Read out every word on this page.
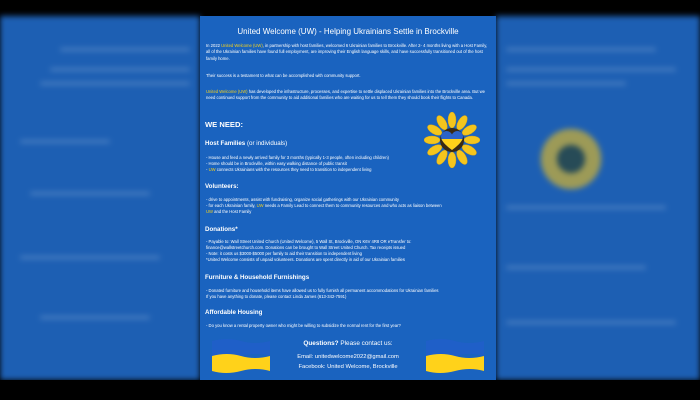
United Welcome (UW) - Helping Ukrainians Settle in Brockville
In 2022 United Welcome (UW), in partnership with host families, welcomed 6 Ukrainian families to Brockville. After 2- 4 months living with a Host Family, all of the Ukrainian families have found full employment, are improving their English language skills, and have successfully transitioned out of the host family home.
Their success is a testament to what can be accomplished with community support.
United Welcome (UW) has developed the infrastructure, processes, and expertise to settle displaced Ukrainian families into the Brockville area. But we need continued support from the community to aid additional families who are waiting for us to tell them they should book their flights to Canada.
WE NEED:
Host Families (or individuals)
- House and feed a newly arrived family for 3 months (typically 1-3 people, often including children)
- Home should be in Brockville, within easy walking distance of public transit
- UW connects Ukrainians with the resources they need to transition to independent living
Volunteers:
- drive to appointments, assist with fundraising, organize social gatherings with our Ukrainian community
- for each Ukrainian family, UW needs a Family Lead to connect them to community resources and who acts as liaison between
UW and the Host Family
Donations*
- Payable to: Wall Street United Church (United Welcome), 5 Wall St, Brockville, ON K6V 4R8 OR eTransfer to:
finance@wallstreetchurch.com. Donations can be brought to Wall Street United Church. Tax receipts issued
- Note: it costs us $3000-$5000 per family to aid their transition to independent living
*United Welcome consists of unpaid volunteers. Donations are spent directly in aid of our Ukrainian families
Furniture & Household Furnishings
- Donated furniture and household items have allowed us to fully furnish all permanent accommodations for Ukrainian families
If you have anything to donate, please contact Linda James (613-342-7591)
Affordable Housing
- Do you know a rental property owner who might be willing to subsidize the normal rent for the first year?
Questions? Please contact us:
Email: unitedwelcome2022@gmail.com
Facebook: United Welcome, Brockville
